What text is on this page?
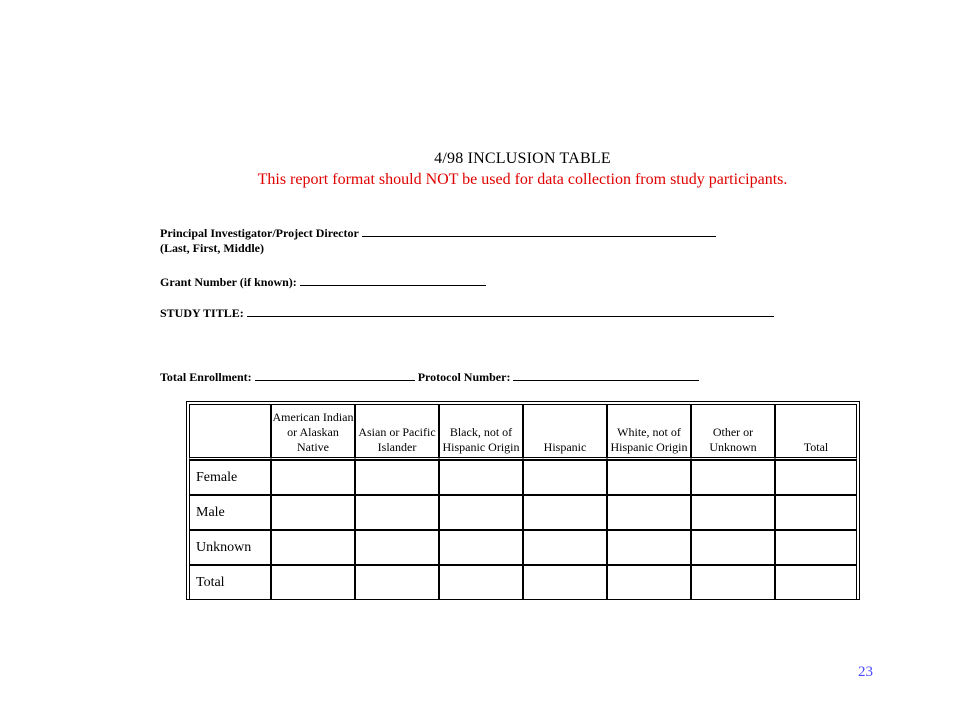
4/98 INCLUSION TABLE
This report format should NOT be used for data collection from study participants.
Principal Investigator/Project Director
(Last, First, Middle)
Grant Number (if known):
STUDY TITLE:
Total Enrollment:	Protocol Number:
	American Indian or Alaskan Native	Asian or Pacific Islander	Black, not of Hispanic Origin	Hispanic	White, not of Hispanic Origin	Other or Unknown	Total
Female							
Male							
Unknown							
Total							
23
